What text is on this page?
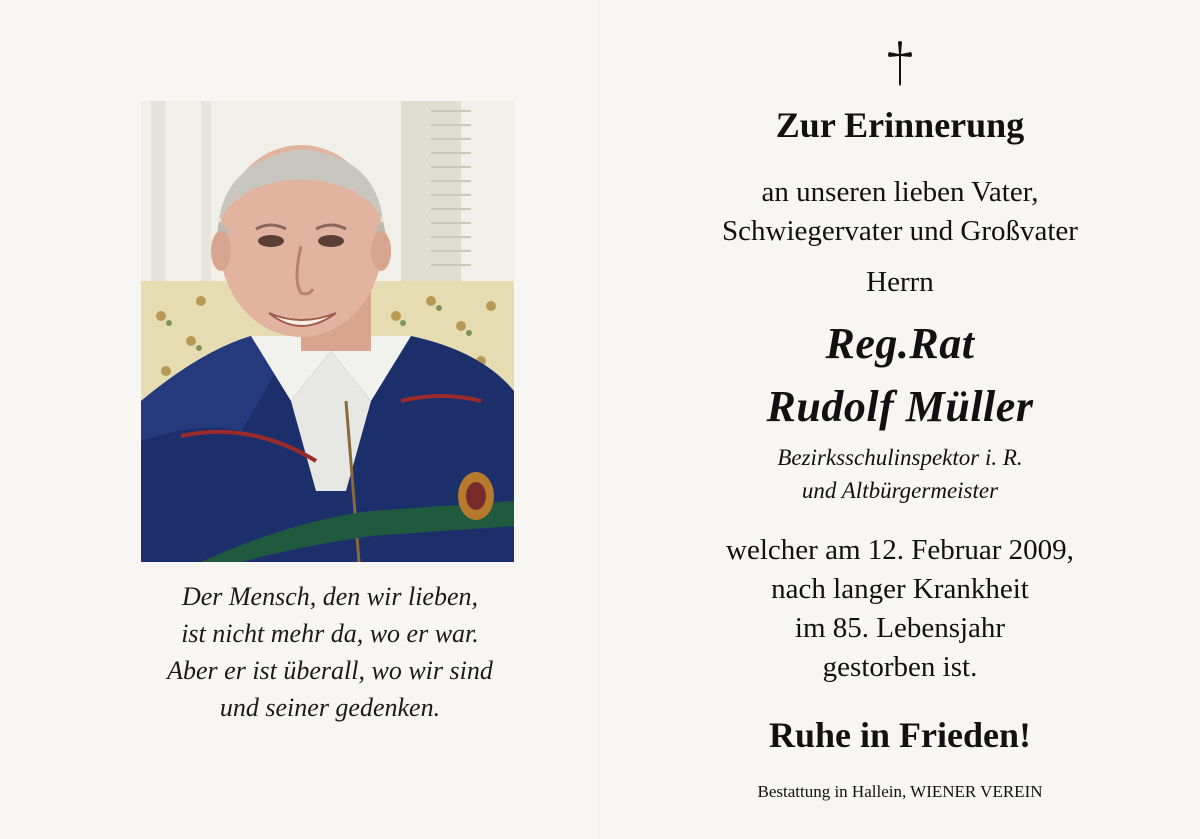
Der Mensch, den wir lieben,
ist nicht mehr da, wo er war.
Aber er ist überall, wo wir sind
und seiner gedenken.
Zur Erinnerung
an unseren lieben Vater,
Schwiegervater und Großvater
Herrn
Reg.Rat
Rudolf Müller
Bezirksschulinspektor i. R.
und Altbürgermeister
welcher am 12. Februar 2009,
nach langer Krankheit
im 85. Lebensjahr
gestorben ist.
Ruhe in Frieden!
Bestattung in Hallein, WIENER VEREIN
